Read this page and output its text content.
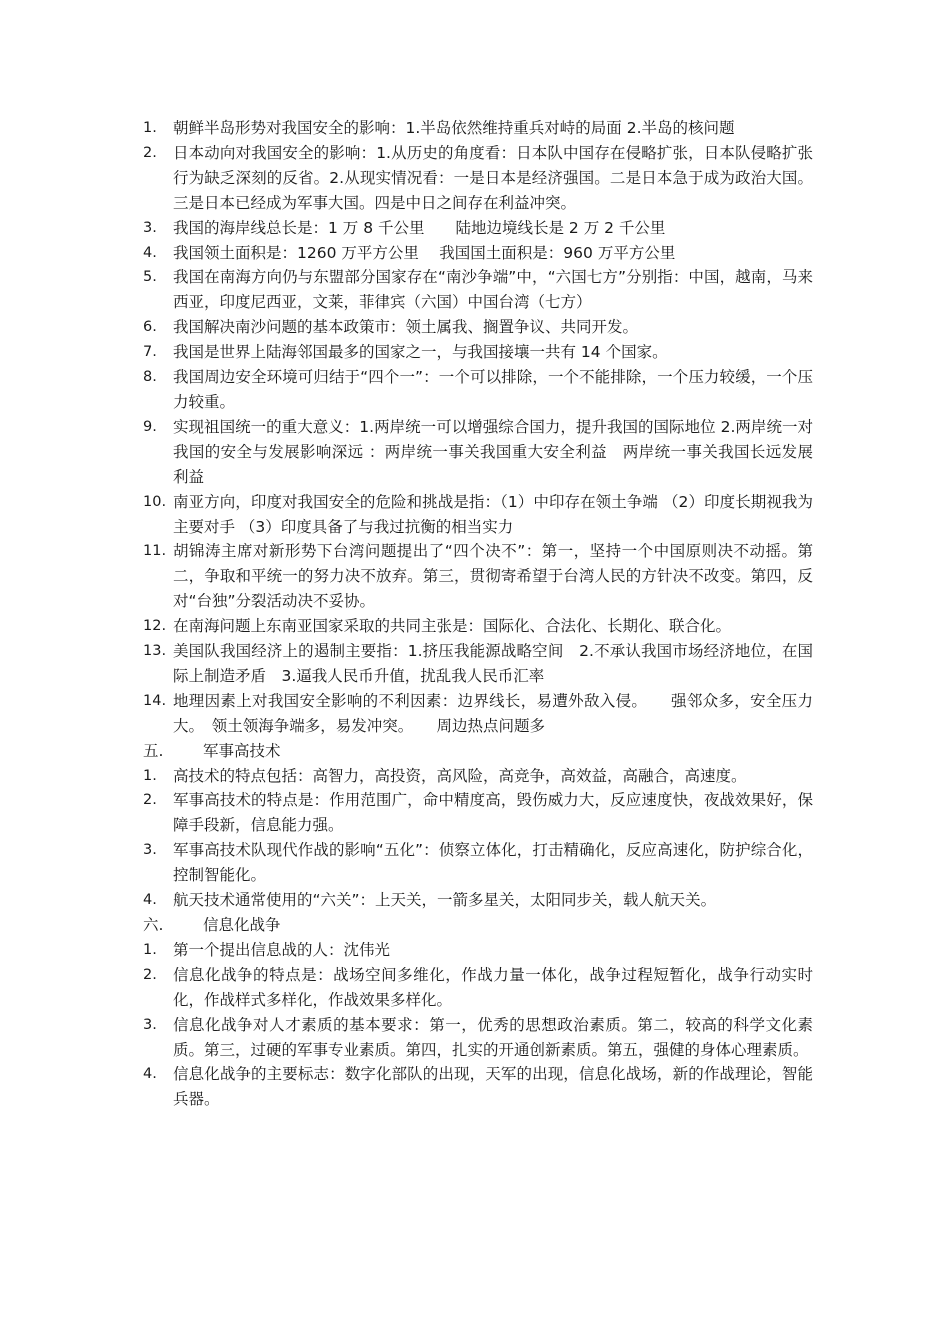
1.	朝鲜半岛形势对我国安全的影响：1.半岛依然维持重兵对峙的局面 2.半岛的核问题
2.	日本动向对我国安全的影响：1.从历史的角度看：日本队中国存在侵略扩张，日本队侵略扩张行为缺乏深刻的反省。2.从现实情况看：一是日本是经济强国。二是日本急于成为政治大国。三是日本已经成为军事大国。四是中日之间存在利益冲突。
3.	我国的海岸线总长是：1 万 8 千公里　　陆地边境线长是 2 万 2 千公里
4.	我国领土面积是：1260 万平方公里　 我国国土面积是：960 万平方公里
5.	我国在南海方向仍与东盟部分国家存在“南沙争端”中，“六国七方”分别指：中国，越南，马来西亚，印度尼西亚，文莱，菲律宾（六国）中国台湾（七方）
6.	我国解决南沙问题的基本政策市：领土属我、搁置争议、共同开发。
7.	我国是世界上陆海邻国最多的国家之一，与我国接壤一共有 14 个国家。
8.	我国周边安全环境可归结于“四个一”：一个可以排除，一个不能排除，一个压力较缓，一个压力较重。
9.	实现祖国统一的重大意义：1.两岸统一可以增强综合国力，提升我国的国际地位 2.两岸统一对我国的安全与发展影响深远 ：两岸统一事关我国重大安全利益　两岸统一事关我国长远发展利益
10. 南亚方向，印度对我国安全的危险和挑战是指：（1）中印存在领土争端 （2）印度长期视我为主要对手 （3）印度具备了与我过抗衡的相当实力
11. 胡锦涛主席对新形势下台湾问题提出了“四个决不”：第一，坚持一个中国原则决不动摇。第二，争取和平统一的努力决不放弃。第三，贯彻寄希望于台湾人民的方针决不改变。第四，反对“台独”分裂活动决不妥协。
12. 在南海问题上东南亚国家采取的共同主张是：国际化、合法化、长期化、联合化。
13. 美国队我国经济上的遏制主要指：1.挤压我能源战略空间　2.不承认我国市场经济地位，在国际上制造矛盾　3.逼我人民币升值，扰乱我人民币汇率
14. 地理因素上对我国安全影响的不利因素：边界线长，易遭外敌入侵。　　强邻众多，安全压力大。　领土领海争端多，易发冲突。　　周边热点问题多
五.	军事高技术
1.	高技术的特点包括：高智力，高投资，高风险，高竞争，高效益，高融合，高速度。
2.	军事高技术的特点是：作用范围广，命中精度高，毁伤威力大，反应速度快，夜战效果好，保障手段新，信息能力强。
3.	军事高技术队现代作战的影响“五化”：侦察立体化，打击精确化，反应高速化，防护综合化，控制智能化。
4.	航天技术通常使用的“六关”：上天关，一箭多星关，太阳同步关，载人航天关。
六.	信息化战争
1.	第一个提出信息战的人：沈伟光
2.	信息化战争的特点是：战场空间多维化，作战力量一体化，战争过程短暂化，战争行动实时化，作战样式多样化，作战效果多样化。
3.	信息化战争对人才素质的基本要求：第一，优秀的思想政治素质。第二，较高的科学文化素质。第三，过硬的军事专业素质。第四，扎实的开通创新素质。第五，强健的身体心理素质。
4.	信息化战争的主要标志：数字化部队的出现，天军的出现，信息化战场，新的作战理论，智能兵器。
